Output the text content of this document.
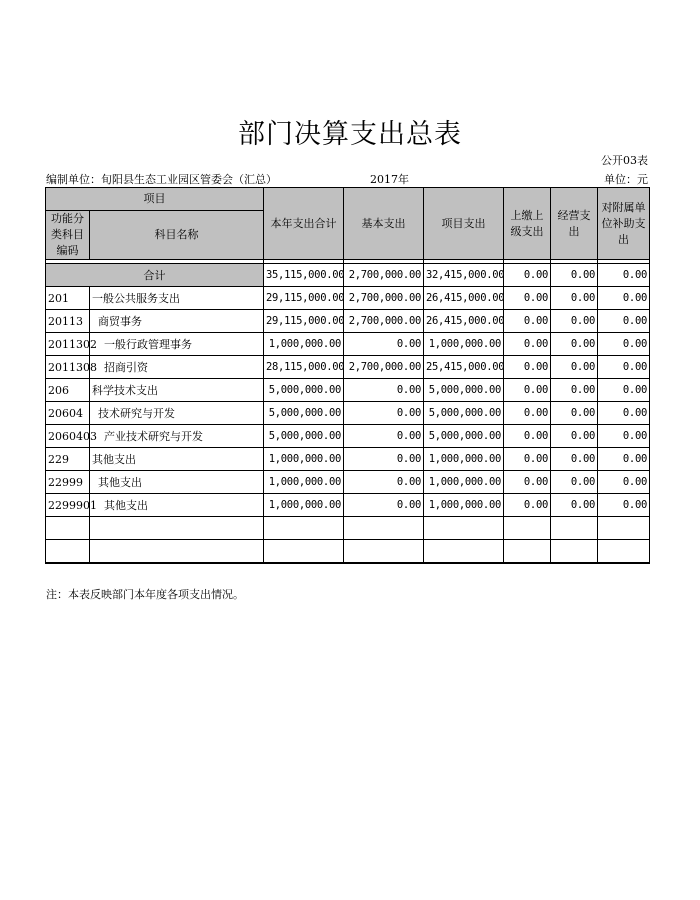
部门决算支出总表
公开03表
编制单位：旬阳县生态工业园区管委会（汇总）	2017年	单位：元
项目		本年支出合计	基本支出	项目支出	上缴上级支出	经营支出	对附属单位补助支出
功能分类科目编码	科目名称						

合计		35,115,000.00	2,700,000.00	32,415,000.00	0.00	0.00	0.00
201	一般公共服务支出	29,115,000.00	2,700,000.00	26,415,000.00	0.00	0.00	0.00
20113	商贸事务	29,115,000.00	2,700,000.00	26,415,000.00	0.00	0.00	0.00
2011302	一般行政管理事务	1,000,000.00	0.00	1,000,000.00	0.00	0.00	0.00
2011308	招商引资	28,115,000.00	2,700,000.00	25,415,000.00	0.00	0.00	0.00
206	科学技术支出	5,000,000.00	0.00	5,000,000.00	0.00	0.00	0.00
20604	技术研究与开发	5,000,000.00	0.00	5,000,000.00	0.00	0.00	0.00
2060403	产业技术研究与开发	5,000,000.00	0.00	5,000,000.00	0.00	0.00	0.00
229	其他支出	1,000,000.00	0.00	1,000,000.00	0.00	0.00	0.00
22999	其他支出	1,000,000.00	0.00	1,000,000.00	0.00	0.00	0.00
2299901	其他支出	1,000,000.00	0.00	1,000,000.00	0.00	0.00	0.00

注：本表反映部门本年度各项支出情况。
